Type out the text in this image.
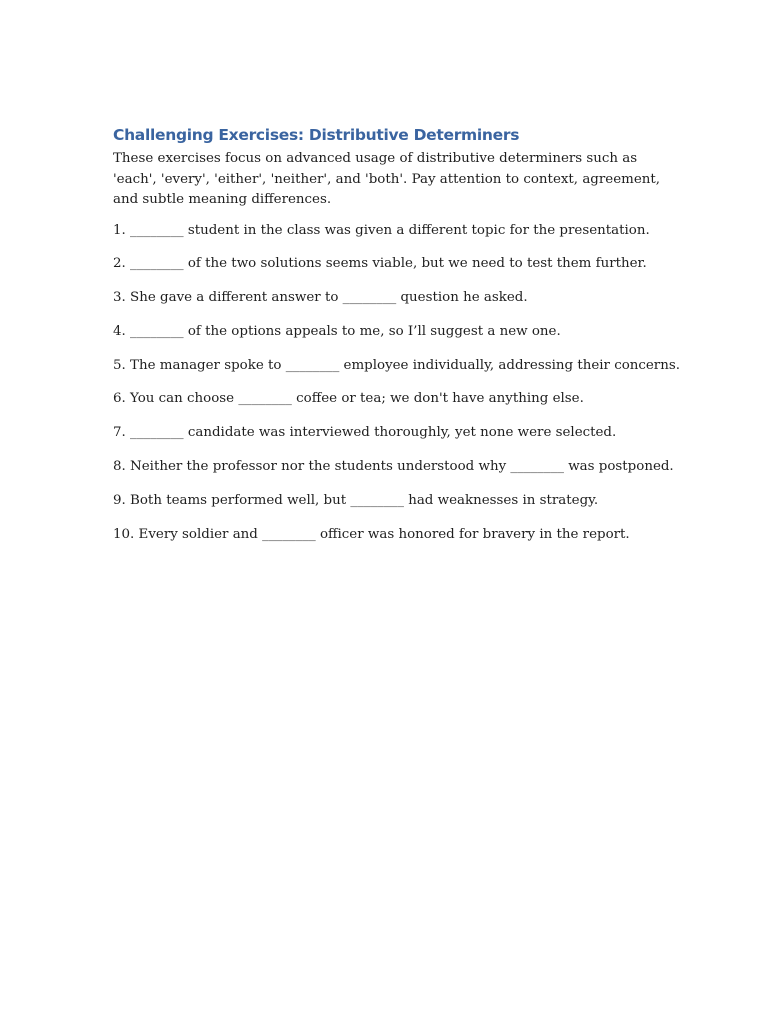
Challenging Exercises: Distributive Determiners

These exercises focus on advanced usage of distributive determiners such as 'each', 'every', 'either', 'neither', and 'both'. Pay attention to context, agreement, and subtle meaning differences.

1. ________ student in the class was given a different topic for the presentation.

2. ________ of the two solutions seems viable, but we need to test them further.

3. She gave a different answer to ________ question he asked.

4. ________ of the options appeals to me, so I’ll suggest a new one.

5. The manager spoke to ________ employee individually, addressing their concerns.

6. You can choose ________ coffee or tea; we don't have anything else.

7. ________ candidate was interviewed thoroughly, yet none were selected.

8. Neither the professor nor the students understood why ________ was postponed.

9. Both teams performed well, but ________ had weaknesses in strategy.

10. Every soldier and ________ officer was honored for bravery in the report.
